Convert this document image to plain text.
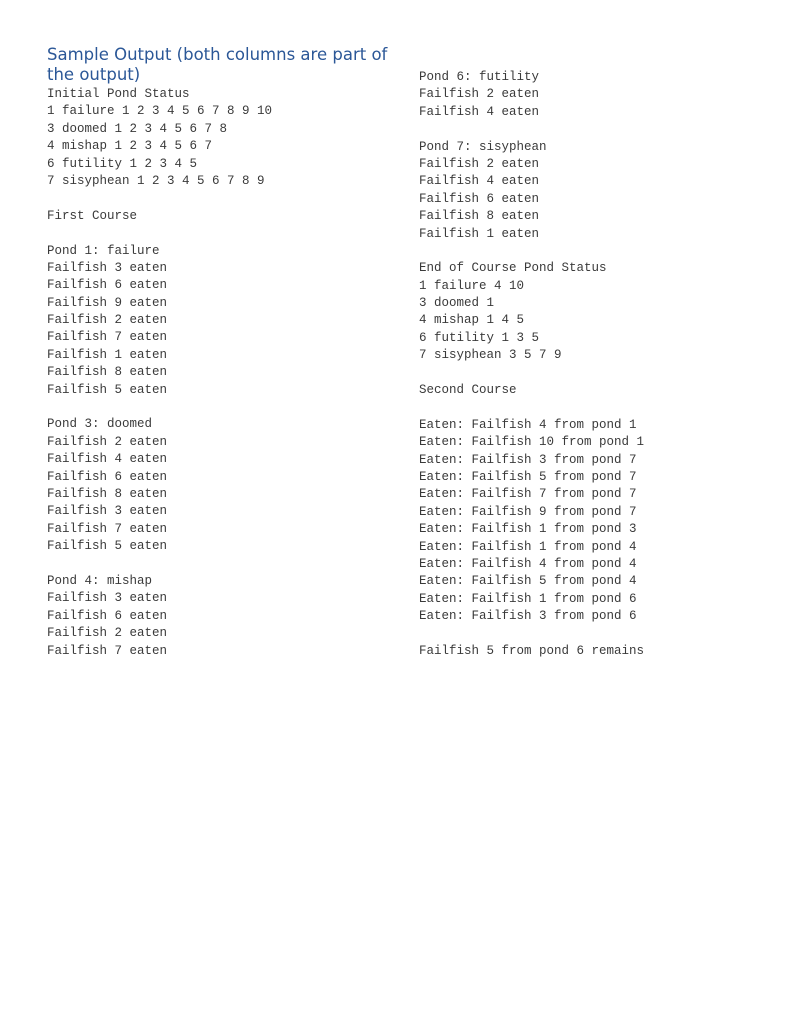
Sample Output (both columns are part of the output)
Initial Pond Status
1 failure 1 2 3 4 5 6 7 8 9 10
3 doomed 1 2 3 4 5 6 7 8
4 mishap 1 2 3 4 5 6 7
6 futility 1 2 3 4 5
7 sisyphean 1 2 3 4 5 6 7 8 9
First Course
Pond 1: failure
Failfish 3 eaten
Failfish 6 eaten
Failfish 9 eaten
Failfish 2 eaten
Failfish 7 eaten
Failfish 1 eaten
Failfish 8 eaten
Failfish 5 eaten
Pond 3: doomed
Failfish 2 eaten
Failfish 4 eaten
Failfish 6 eaten
Failfish 8 eaten
Failfish 3 eaten
Failfish 7 eaten
Failfish 5 eaten
Pond 4: mishap
Failfish 3 eaten
Failfish 6 eaten
Failfish 2 eaten
Failfish 7 eaten
Pond 6: futility
Failfish 2 eaten
Failfish 4 eaten
Pond 7: sisyphean
Failfish 2 eaten
Failfish 4 eaten
Failfish 6 eaten
Failfish 8 eaten
Failfish 1 eaten
End of Course Pond Status
1 failure 4 10
3 doomed 1
4 mishap 1 4 5
6 futility 1 3 5
7 sisyphean 3 5 7 9
Second Course
Eaten: Failfish 4 from pond 1
Eaten: Failfish 10 from pond 1
Eaten: Failfish 3 from pond 7
Eaten: Failfish 5 from pond 7
Eaten: Failfish 7 from pond 7
Eaten: Failfish 9 from pond 7
Eaten: Failfish 1 from pond 3
Eaten: Failfish 1 from pond 4
Eaten: Failfish 4 from pond 4
Eaten: Failfish 5 from pond 4
Eaten: Failfish 1 from pond 6
Eaten: Failfish 3 from pond 6
Failfish 5 from pond 6 remains
